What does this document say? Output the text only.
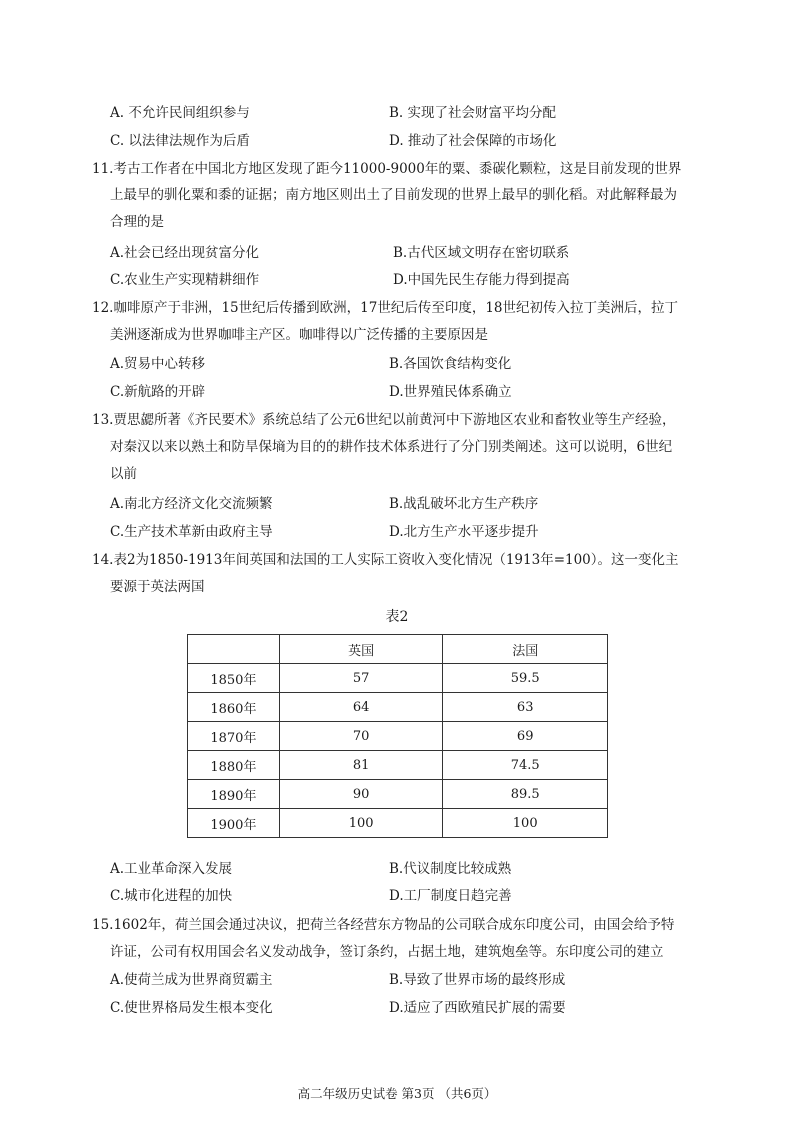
A. 不允许民间组织参与	B. 实现了社会财富平均分配
C. 以法律法规作为后盾	D. 推动了社会保障的市场化
11.考古工作者在中国北方地区发现了距今11000-9000年的粟、黍碳化颗粒，这是目前发现的世界
上最早的驯化粟和黍的证据；南方地区则出土了目前发现的世界上最早的驯化稻。对此解释最为
合理的是
A.社会已经出现贫富分化	B.古代区域文明存在密切联系
C.农业生产实现精耕细作	D.中国先民生存能力得到提高
12.咖啡原产于非洲，15世纪后传播到欧洲，17世纪后传至印度，18世纪初传入拉丁美洲后，拉丁
美洲逐渐成为世界咖啡主产区。咖啡得以广泛传播的主要原因是
A.贸易中心转移	B.各国饮食结构变化
C.新航路的开辟	D.世界殖民体系确立
13.贾思勰所著《齐民要术》系统总结了公元6世纪以前黄河中下游地区农业和畜牧业等生产经验，
对秦汉以来以熟土和防旱保墒为目的的耕作技术体系进行了分门别类阐述。这可以说明，6世纪
以前
A.南北方经济文化交流频繁	B.战乱破坏北方生产秩序
C.生产技术革新由政府主导	D.北方生产水平逐步提升
14.表2为1850-1913年间英国和法国的工人实际工资收入变化情况（1913年=100）。这一变化主
要源于英法两国
表2
	英国	法国
1850年	57	59.5
1860年	64	63
1870年	70	69
1880年	81	74.5
1890年	90	89.5
1900年	100	100
A.工业革命深入发展	B.代议制度比较成熟
C.城市化进程的加快	D.工厂制度日趋完善
15.1602年，荷兰国会通过决议，把荷兰各经营东方物品的公司联合成东印度公司，由国会给予特
许证，公司有权用国会名义发动战争，签订条约，占据土地，建筑炮垒等。东印度公司的建立
A.使荷兰成为世界商贸霸主	B.导致了世界市场的最终形成
C.使世界格局发生根本变化	D.适应了西欧殖民扩展的需要
高二年级历史试卷 第3页 （共6页）
